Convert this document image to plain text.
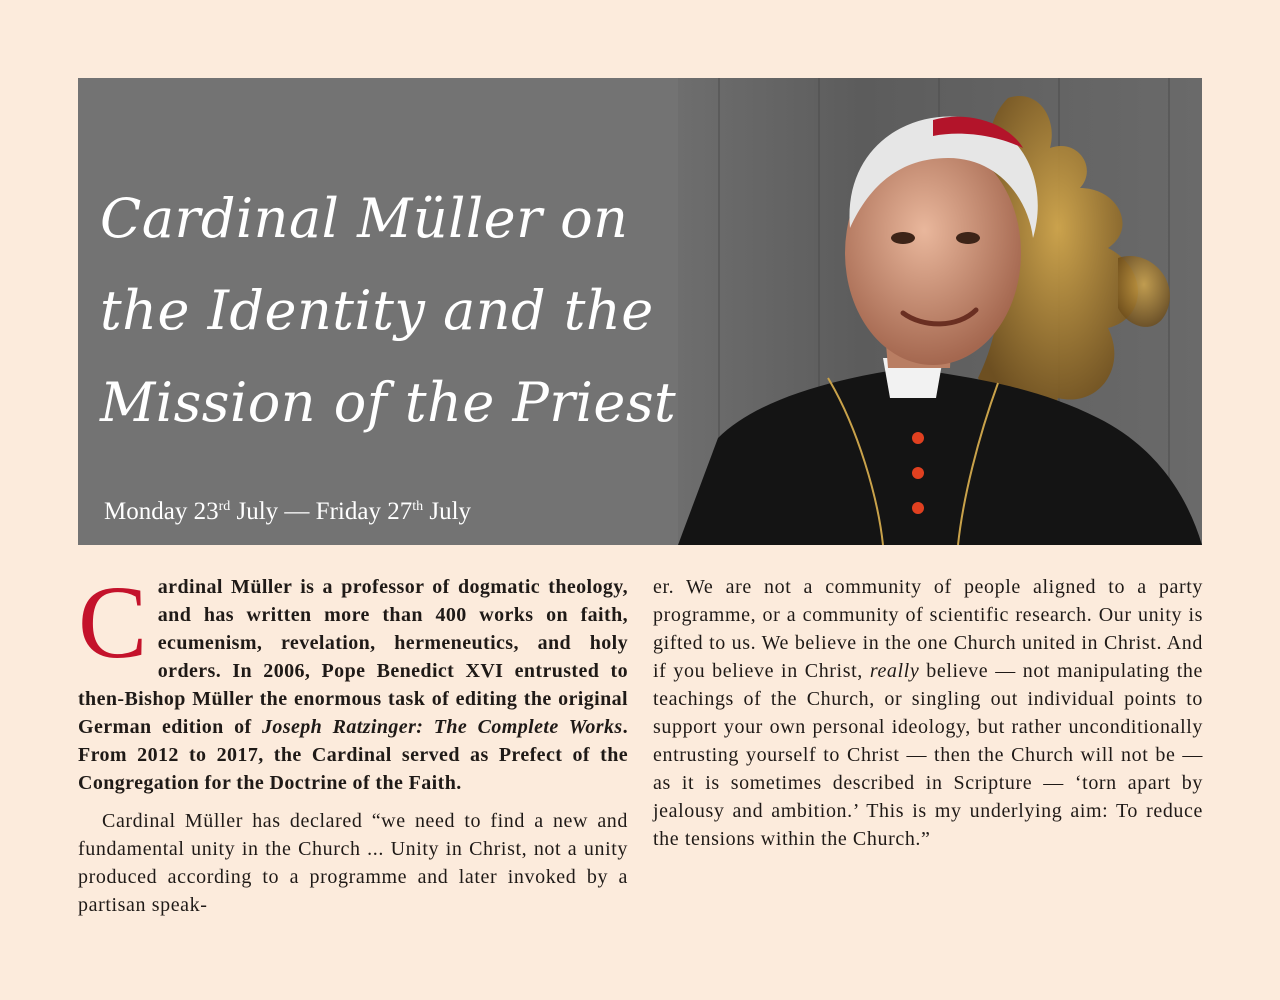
Cardinal Müller on
the Identity and the
Mission of the Priest
Monday 23rd July — Friday 27th July

Cardinal Müller is a professor of dogmatic theology, and has written more than 400 works on faith, ecumenism, revelation, hermeneutics, and holy orders. In 2006, Pope Benedict XVI entrusted to then-Bishop Müller the enormous task of editing the original German edition of Joseph Ratzinger: The Complete Works. From 2012 to 2017, the Cardinal served as Prefect of the Congregation for the Doctrine of the Faith.

Cardinal Müller has declared “we need to find a new and fundamental unity in the Church ... Unity in Christ, not a unity produced according to a programme and later invoked by a partisan speak-

er. We are not a community of people aligned to a party programme, or a community of scientific research. Our unity is gifted to us. We believe in the one Church united in Christ. And if you believe in Christ, really believe — not manipulating the teachings of the Church, or singling out individual points to support your own personal ideology, but rather unconditionally entrusting yourself to Christ — then the Church will not be — as it is sometimes described in Scripture — ‘torn apart by jealousy and ambition.’ This is my underlying aim: To reduce the tensions within the Church.”
